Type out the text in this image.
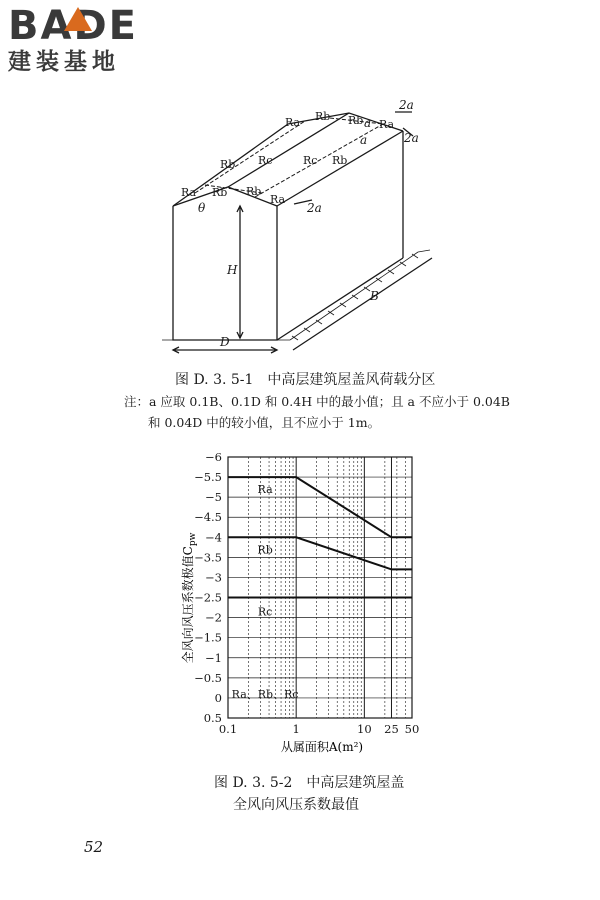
BADE
建装基地
Ra Rb Rb Ra
Rb Rc	Rc Rb
Ra Rb Rb
Ra
a
a
2a
2a
2a
θ
H
B
D
图 D. 3. 5-1　中高层建筑屋盖风荷载分区
注：a 应取 0.1B、0.1D 和 0.4H 中的最小值；且 a 不应小于 0.04B
和 0.04D 中的较小值，且不应小于 1m。
−6
−5.5
−5
−4.5
−4
−3.5
−3
−2.5
−2
−1.5
−1
−0.5
0
0.5
0.1	1	10 25 50
Ra
Rb
Rc
Ra、Rb、Rc
从属面积A(m²)
全风向风压系数极值$C_{pw}$
图 D. 3. 5-2　中高层建筑屋盖
全风向风压系数最值
52
